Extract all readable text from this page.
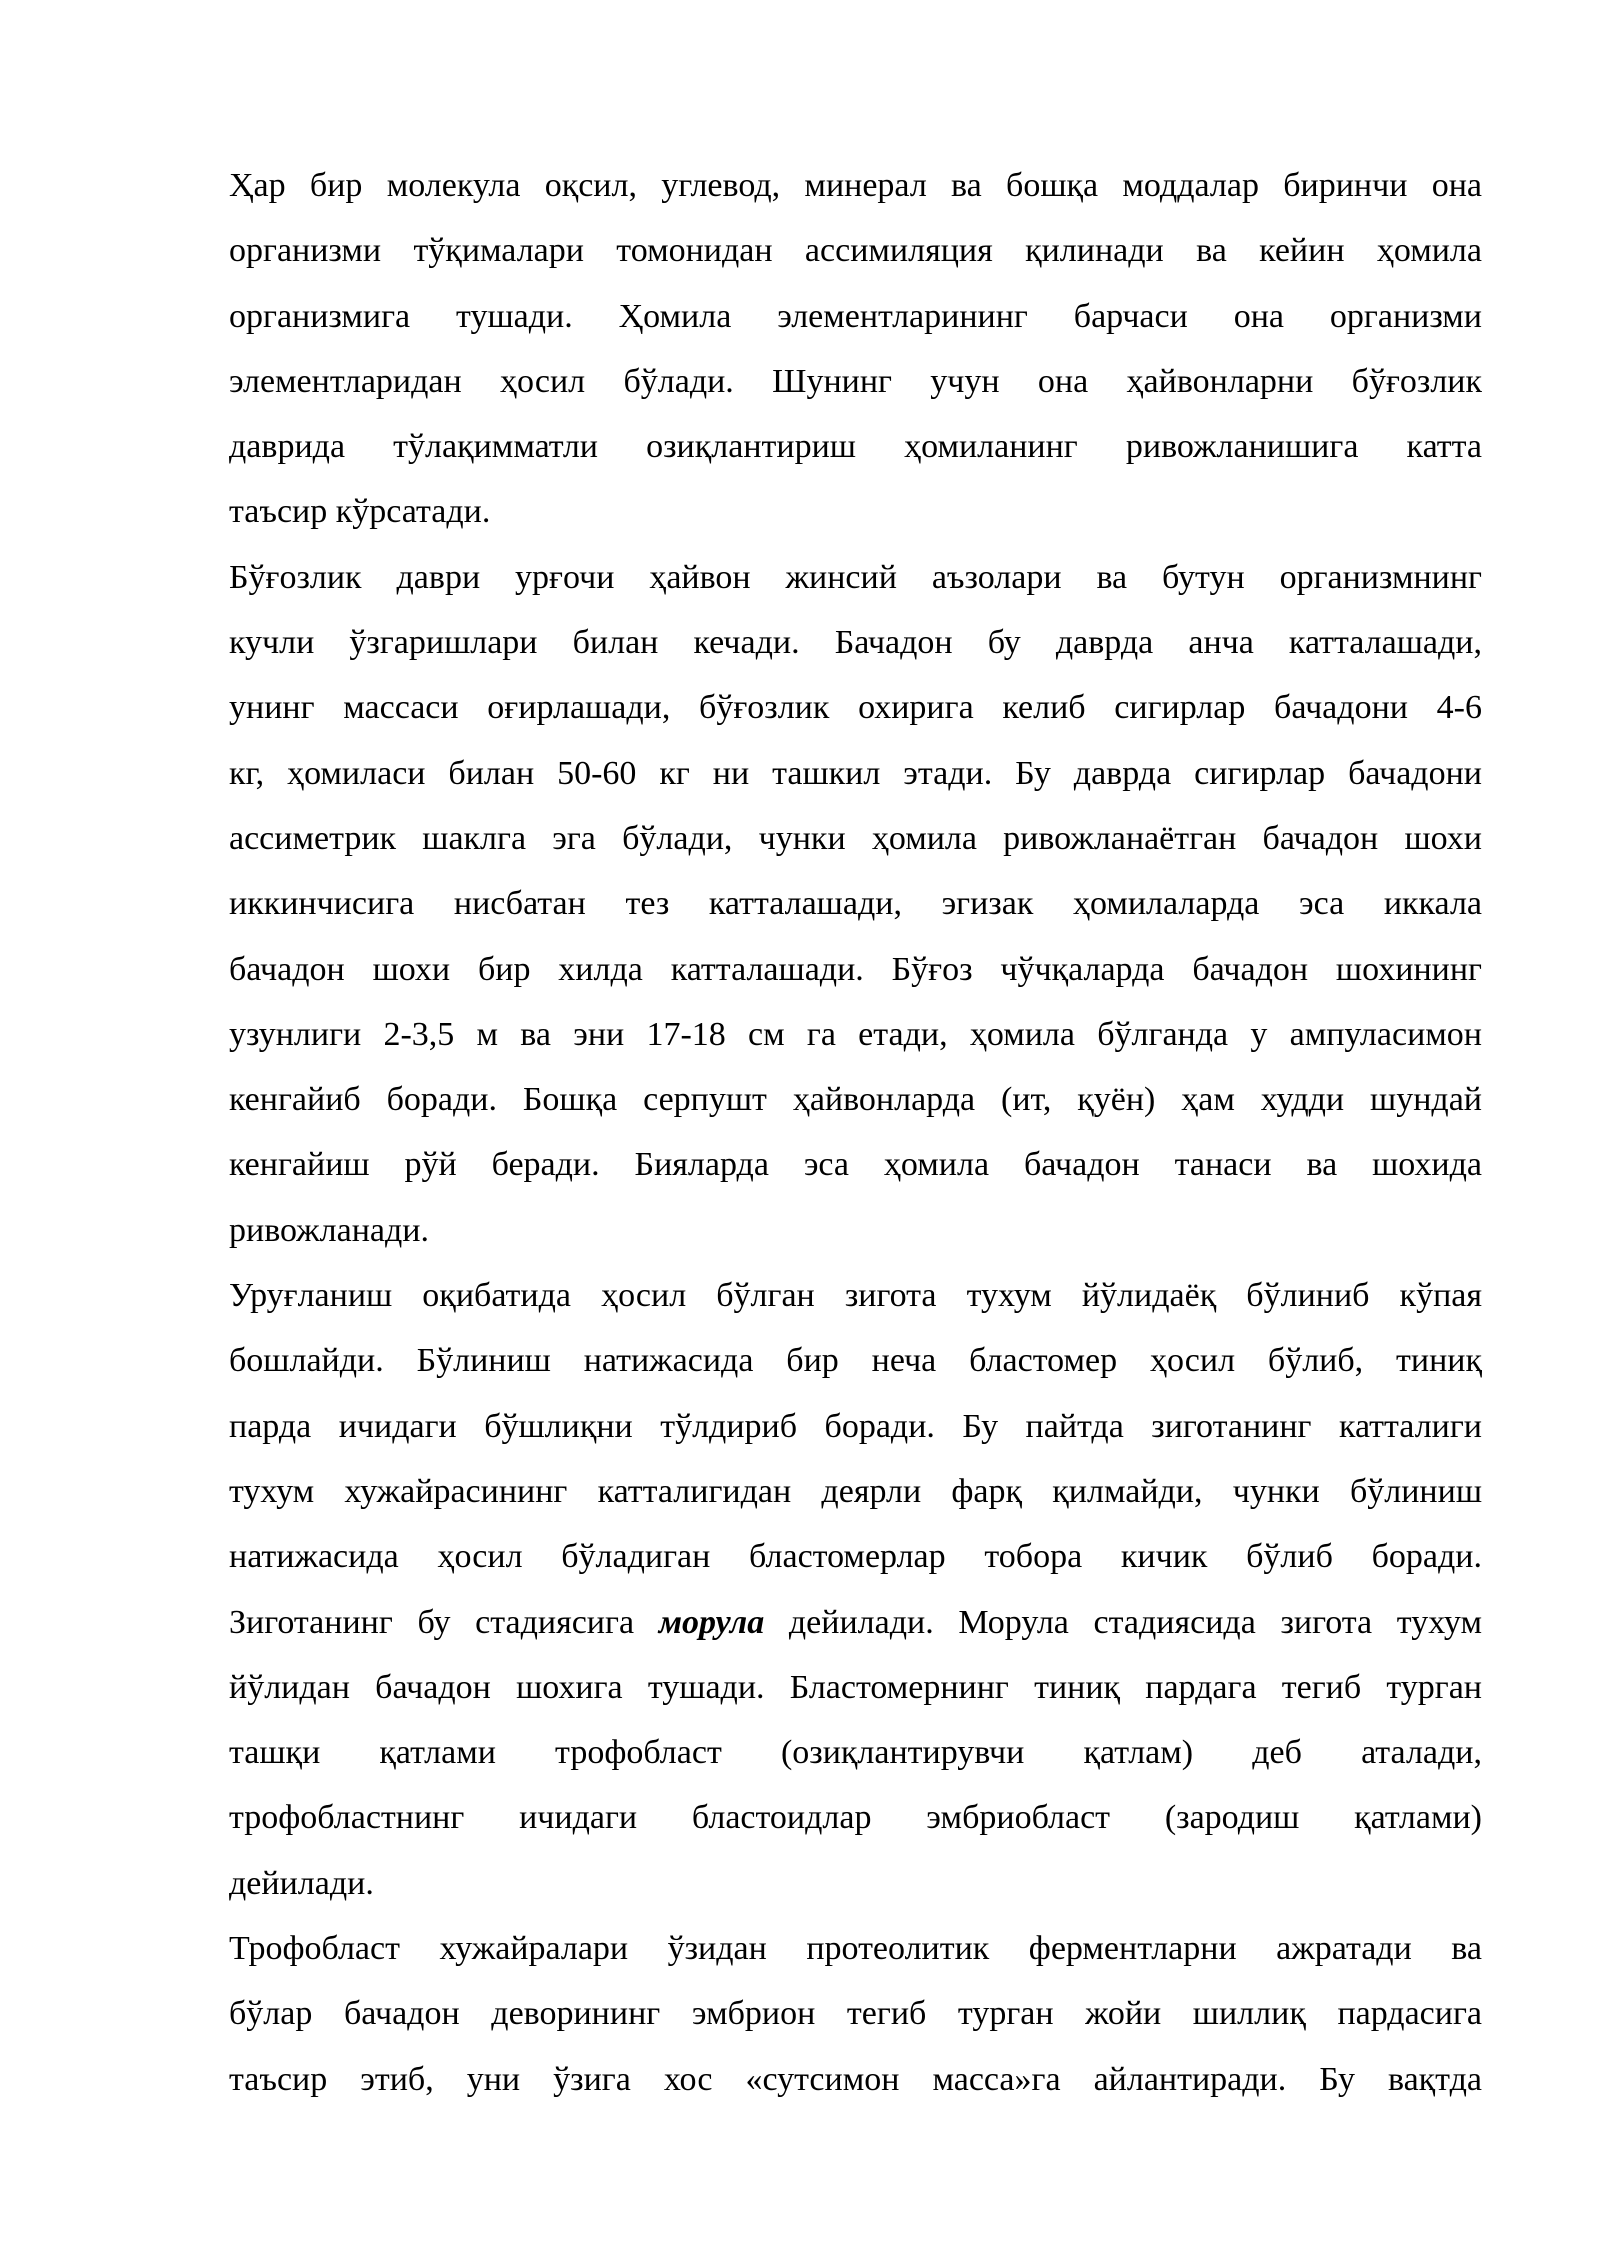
Ҳар бир молекула оқсил, углевод, минерал ва бошқа моддалар биринчи она
организми тўқималари томонидан ассимиляция қилинади ва кейин ҳомила
организмига тушади. Ҳомила элементларининг барчаси она организми
элементларидан ҳосил бўлади. Шунинг учун она ҳайвонларни бўғозлик
даврида тўлақимматли озиқлантириш ҳомиланинг ривожланишига катта
таъсир кўрсатади.
Бўғозлик даври урғочи ҳайвон жинсий аъзолари ва бутун организмнинг
кучли ўзгаришлари билан кечади. Бачадон бу даврда анча катталашади,
унинг массаси оғирлашади, бўғозлик охирига келиб сигирлар бачадони 4-6
кг, ҳомиласи билан 50-60 кг ни ташкил этади. Бу даврда сигирлар бачадони
ассиметрик шаклга эга бўлади, чунки ҳомила ривожланаётган бачадон шохи
иккинчисига нисбатан тез катталашади, эгизак ҳомилаларда эса иккала
бачадон шохи бир хилда катталашади. Бўғоз чўчқаларда бачадон шохининг
узунлиги 2-3,5 м ва эни 17-18 см га етади, ҳомила бўлганда у ампуласимон
кенгайиб боради. Бошқа серпушт ҳайвонларда (ит, қуён) ҳам худди шундай
кенгайиш рўй беради. Бияларда эса ҳомила бачадон танаси ва шохида
ривожланади.
Уруғланиш оқибатида ҳосил бўлган зигота тухум йўлидаёқ бўлиниб кўпая
бошлайди. Бўлиниш натижасида бир неча бластомер ҳосил бўлиб, тиниқ
парда ичидаги бўшлиқни тўлдириб боради. Бу пайтда зиготанинг катталиги
тухум хужайрасининг катталигидан деярли фарқ қилмайди, чунки бўлиниш
натижасида ҳосил бўладиган бластомерлар тобора кичик бўлиб боради.
Зиготанинг бу стадиясига морула дейилади. Морула стадиясида зигота тухум
йўлидан бачадон шохига тушади. Бластомернинг тиниқ пардага тегиб турган
ташқи қатлами трофобласт (озиқлантирувчи қатлам) деб аталади,
трофобластнинг ичидаги бластоидлар эмбриобласт (зародиш қатлами)
дейилади.
Трофобласт хужайралари ўзидан протеолитик ферментларни ажратади ва
бўлар бачадон деворининг эмбрион тегиб турган жойи шиллиқ пардасига
таъсир этиб, уни ўзига хос «сутсимон масса»га айлантиради. Бу вақтда
